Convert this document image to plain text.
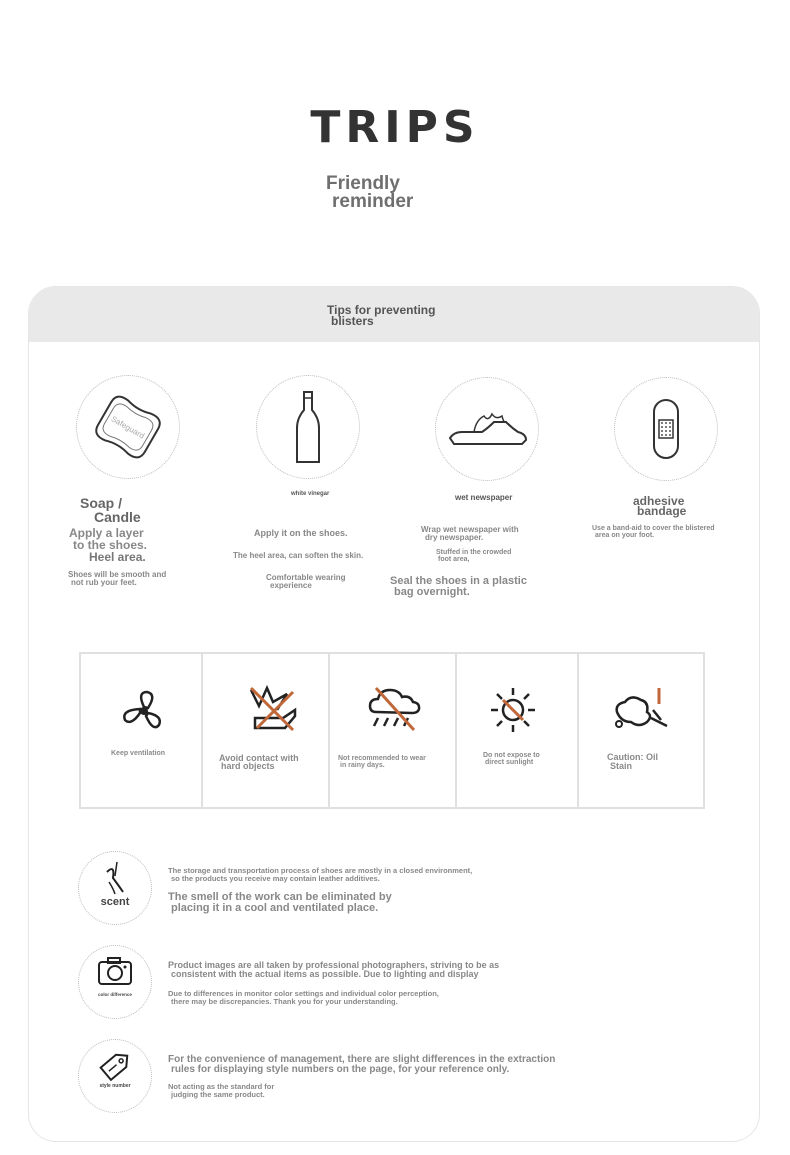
TRIPS
Friendly
reminder
Tips for preventing
blisters
Safeguard
Soap /
Candle
Apply a layer
to the shoes.
Heel area.
Shoes will be smooth and
not rub your feet.
white vinegar
Apply it on the shoes.
The heel area, can soften the skin.
Comfortable wearing
experience
wet newspaper
Wrap wet newspaper with
dry newspaper.
Stuffed in the crowded
foot area,
Seal the shoes in a plastic
bag overnight.
adhesive
bandage
Use a band-aid to cover the blistered
area on your foot.
Keep ventilation	Avoid contact with
hard objects
Not recommended to wear
in rainy days.
Do not expose to
direct sunlight
Caution: Oil
Stain
scent
The storage and transportation process of shoes are mostly in a closed environment,
so the products you receive may contain leather additives.
The smell of the work can be eliminated by
placing it in a cool and ventilated place.
color difference
Product images are all taken by professional photographers, striving to be as
consistent with the actual items as possible. Due to lighting and display
Due to differences in monitor color settings and individual color perception,
there may be discrepancies. Thank you for your understanding.
style number
For the convenience of management, there are slight differences in the extraction
rules for displaying style numbers on the page, for your reference only.
Not acting as the standard for
judging the same product.
